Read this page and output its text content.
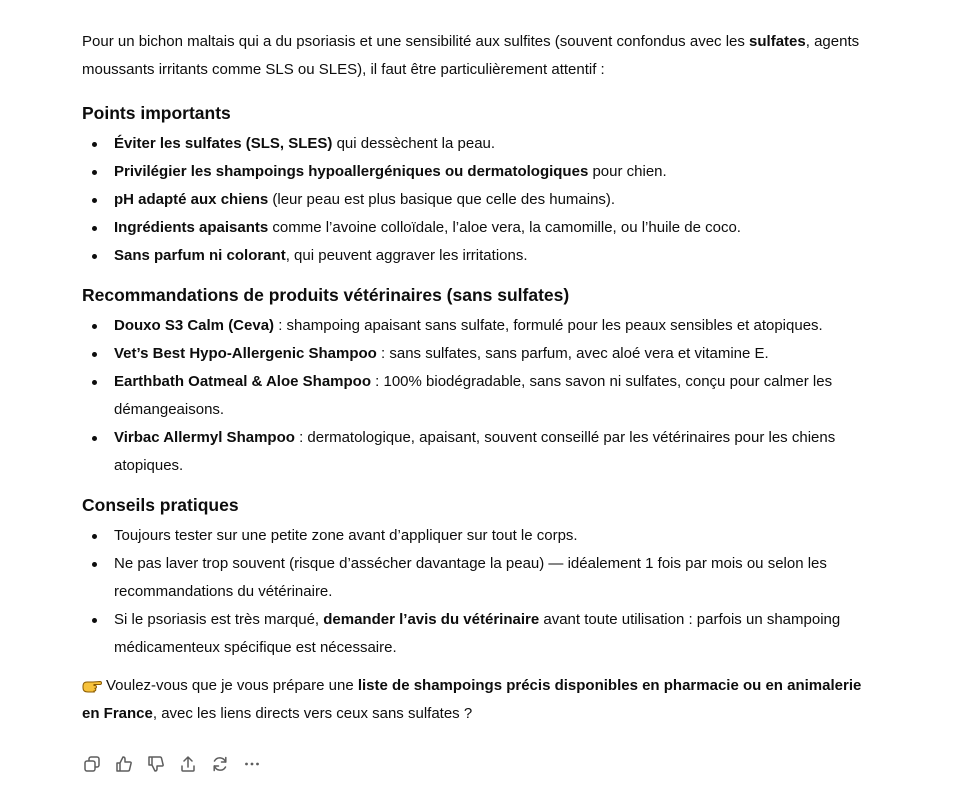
Pour un bichon maltais qui a du psoriasis et une sensibilité aux sulfites (souvent confondus avec les sulfates, agents moussants irritants comme SLS ou SLES), il faut être particulièrement attentif :

Points importants
Éviter les sulfates (SLS, SLES) qui dessèchent la peau.
Privilégier les shampoings hypoallergéniques ou dermatologiques pour chien.
pH adapté aux chiens (leur peau est plus basique que celle des humains).
Ingrédients apaisants comme l’avoine colloïdale, l’aloe vera, la camomille, ou l’huile de coco.
Sans parfum ni colorant, qui peuvent aggraver les irritations.
Recommandations de produits vétérinaires (sans sulfates)
Douxo S3 Calm (Ceva) : shampoing apaisant sans sulfate, formulé pour les peaux sensibles et atopiques.
Vet’s Best Hypo-Allergenic Shampoo : sans sulfates, sans parfum, avec aloé vera et vitamine E.
Earthbath Oatmeal & Aloe Shampoo : 100% biodégradable, sans savon ni sulfates, conçu pour calmer les démangeaisons.
Virbac Allermyl Shampoo : dermatologique, apaisant, souvent conseillé par les vétérinaires pour les chiens atopiques.
Conseils pratiques
Toujours tester sur une petite zone avant d’appliquer sur tout le corps.
Ne pas laver trop souvent (risque d’assécher davantage la peau) — idéalement 1 fois par mois ou selon les recommandations du vétérinaire.
Si le psoriasis est très marqué, demander l’avis du vétérinaire avant toute utilisation : parfois un shampoing médicamenteux spécifique est nécessaire.

Voulez-vous que je vous prépare une liste de shampoings précis disponibles en pharmacie ou en animalerie en France, avec les liens directs vers ceux sans sulfates ?
